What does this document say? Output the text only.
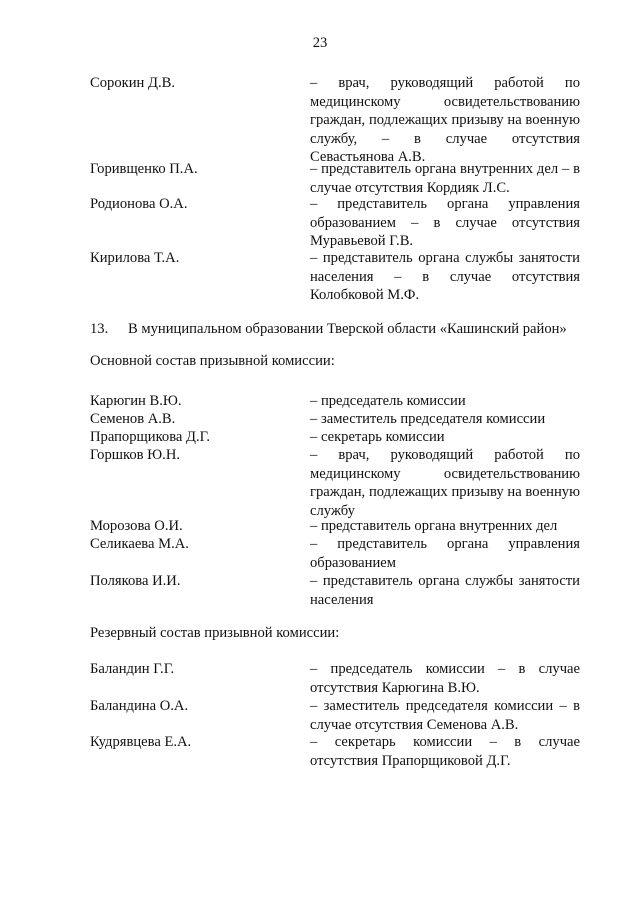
23
Сорокин Д.В.	– врач, руководящий работой по медицинскому освидетельствованию граждан, подлежащих призыву на военную службу, – в случае отсутствия Севастьянова А.В.
Горивщенко П.А.	– представитель органа внутренних дел – в случае отсутствия Кордияк Л.С.
Родионова О.А.	– представитель органа управления образованием – в случае отсутствия Муравьевой Г.В.
Кирилова Т.А.	– представитель органа службы занятости населения – в случае отсутствия Колобковой М.Ф.
13. В муниципальном образовании Тверской области «Кашинский район»
Основной состав призывной комиссии:
Карюгин В.Ю.	– председатель комиссии
Семенов А.В.	– заместитель председателя комиссии
Прапорщикова Д.Г.	– секретарь комиссии
Горшков Ю.Н.	– врач, руководящий работой по медицинскому освидетельствованию граждан, подлежащих призыву на военную службу
Морозова О.И.	– представитель органа внутренних дел
Селикаева М.А.	– представитель органа управления образованием
Полякова И.И.	– представитель органа службы занятости населения
Резервный состав призывной комиссии:
Баландин Г.Г.	– председатель комиссии – в случае отсутствия Карюгина В.Ю.
Баландина О.А.	– заместитель председателя комиссии – в случае отсутствия Семенова А.В.
Кудрявцева Е.А.	– секретарь комиссии – в случае отсутствия Прапорщиковой Д.Г.
